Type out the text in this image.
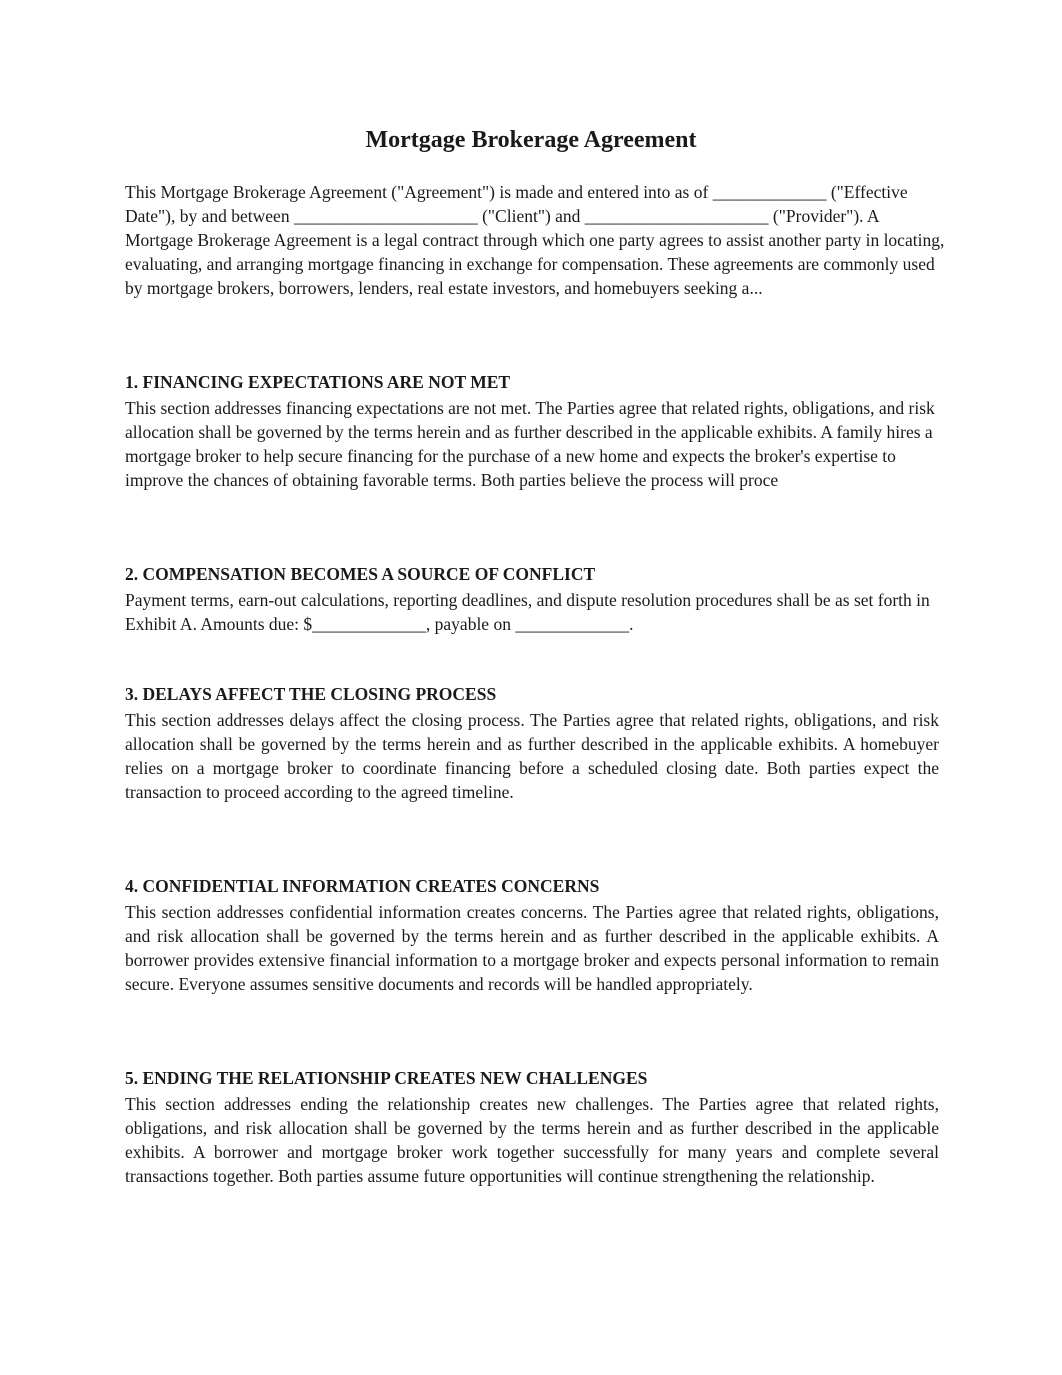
Mortgage Brokerage Agreement

This Mortgage Brokerage Agreement ("Agreement") is made and entered into as of _____________ ("Effective Date"), by and between _____________________ ("Client") and _____________________ ("Provider"). A Mortgage Brokerage Agreement is a legal contract through which one party agrees to assist another party in locating, evaluating, and arranging mortgage financing in exchange for compensation. These agreements are commonly used by mortgage brokers, borrowers, lenders, real estate investors, and homebuyers seeking a...

1. FINANCING EXPECTATIONS ARE NOT MET

This section addresses financing expectations are not met. The Parties agree that related rights, obligations, and risk allocation shall be governed by the terms herein and as further described in the applicable exhibits. A family hires a mortgage broker to help secure financing for the purchase of a new home and expects the broker's expertise to improve the chances of obtaining favorable terms. Both parties believe the process will proce

2. COMPENSATION BECOMES A SOURCE OF CONFLICT

Payment terms, earn-out calculations, reporting deadlines, and dispute resolution procedures shall be as set forth in Exhibit A. Amounts due: $_____________, payable on _____________.

3. DELAYS AFFECT THE CLOSING PROCESS

This section addresses delays affect the closing process. The Parties agree that related rights, obligations, and risk allocation shall be governed by the terms herein and as further described in the applicable exhibits. A homebuyer relies on a mortgage broker to coordinate financing before a scheduled closing date. Both parties expect the transaction to proceed according to the agreed timeline.

4. CONFIDENTIAL INFORMATION CREATES CONCERNS

This section addresses confidential information creates concerns. The Parties agree that related rights, obligations, and risk allocation shall be governed by the terms herein and as further described in the applicable exhibits. A borrower provides extensive financial information to a mortgage broker and expects personal information to remain secure. Everyone assumes sensitive documents and records will be handled appropriately.

5. ENDING THE RELATIONSHIP CREATES NEW CHALLENGES

This section addresses ending the relationship creates new challenges. The Parties agree that related rights, obligations, and risk allocation shall be governed by the terms herein and as further described in the applicable exhibits. A borrower and mortgage broker work together successfully for many years and complete several transactions together. Both parties assume future opportunities will continue strengthening the relationship.
